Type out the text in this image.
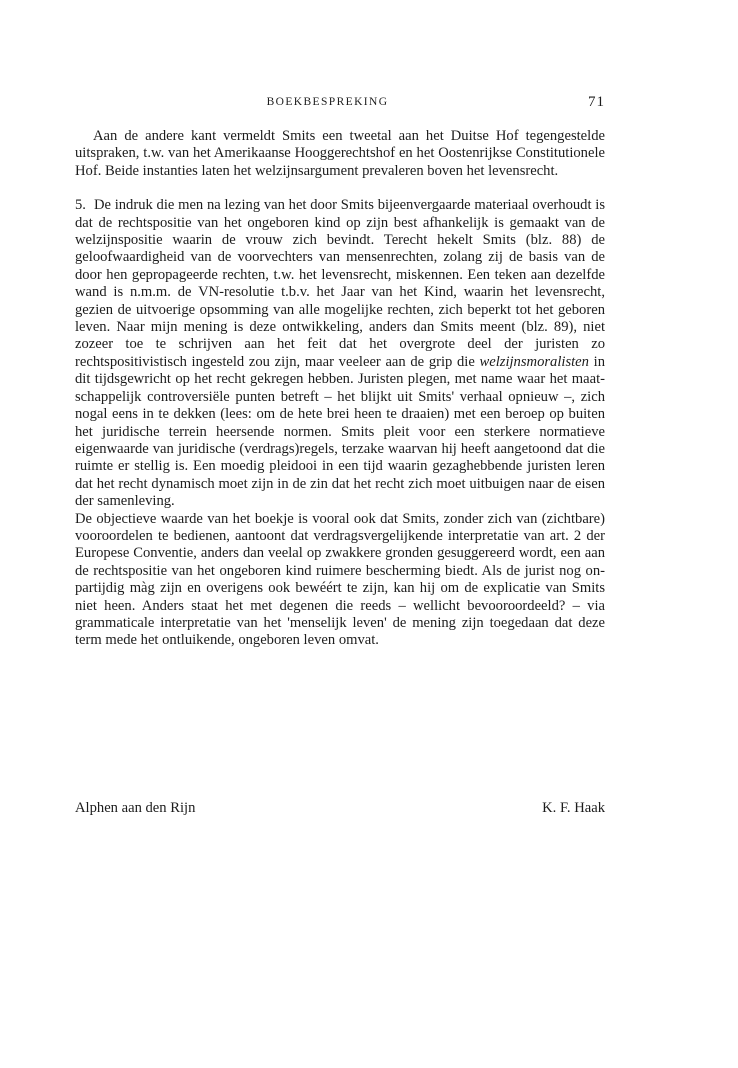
BOEKBESPREKING	71

Aan de andere kant vermeldt Smits een tweetal aan het Duitse Hof tegengestelde uitspraken, t.w. van het Amerikaanse Hooggerechtshof en het Oostenrijkse Constitutionele Hof. Beide instanties laten het welzijnsargument prevaleren boven het levensrecht.

5. De indruk die men na lezing van het door Smits bijeenvergaarde materiaal overhoudt is dat de rechtspositie van het ongeboren kind op zijn best afhankelijk is gemaakt van de welzijnspositie waarin de vrouw zich bevindt. Terecht hekelt Smits (blz. 88) de geloofwaardigheid van de voorvechters van mensenrechten, zolang zij de basis van de door hen gepropageerde rechten, t.w. het levensrecht, miskennen. Een teken aan dezelfde wand is n.m.m. de VN-resolutie t.b.v. het Jaar van het Kind, waarin het levensrecht, gezien de uitvoerige opsomming van alle mogelijke rechten, zich beperkt tot het geboren leven. Naar mijn mening is deze ontwikkeling, anders dan Smits meent (blz. 89), niet zozeer toe te schrijven aan het feit dat het overgrote deel der juristen zo rechtspositivistisch ingesteld zou zijn, maar veeleer aan de grip die welzijnsmoralisten in dit tijdsgewricht op het recht gekregen hebben. Juristen plegen, met name waar het maatschappelijk controversiële punten betreft – het blijkt uit Smits' verhaal opnieuw –, zich nogal eens in te dekken (lees: om de hete brei heen te draaien) met een beroep op buiten het juridische terrein heersende normen. Smits pleit voor een sterkere normatieve eigenwaarde van juridische (verdrags)regels, terzake waarvan hij heeft aangetoond dat die ruimte er stellig is. Een moedig pleidooi in een tijd waarin gezaghebbende juristen leren dat het recht dynamisch moet zijn in de zin dat het recht zich moet uitbuigen naar de eisen der samenleving.

De objectieve waarde van het boekje is vooral ook dat Smits, zonder zich van (zichtbare) vooroordelen te bedienen, aantoont dat verdragsvergelijkende interpretatie van art. 2 der Europese Conventie, anders dan veelal op zwakkere gronden gesuggereerd wordt, een aan de rechtspositie van het ongeboren kind ruimere bescherming biedt. Als de jurist nog onpartijdig màg zijn en overigens ook bewéért te zijn, kan hij om de explicatie van Smits niet heen. Anders staat het met degenen die reeds – wellicht bevooroordeeld? – via grammaticale interpretatie van het 'menselijk leven' de mening zijn toegedaan dat deze term mede het ontluikende, ongeboren leven omvat.

Alphen aan den Rijn	K. F. Haak
